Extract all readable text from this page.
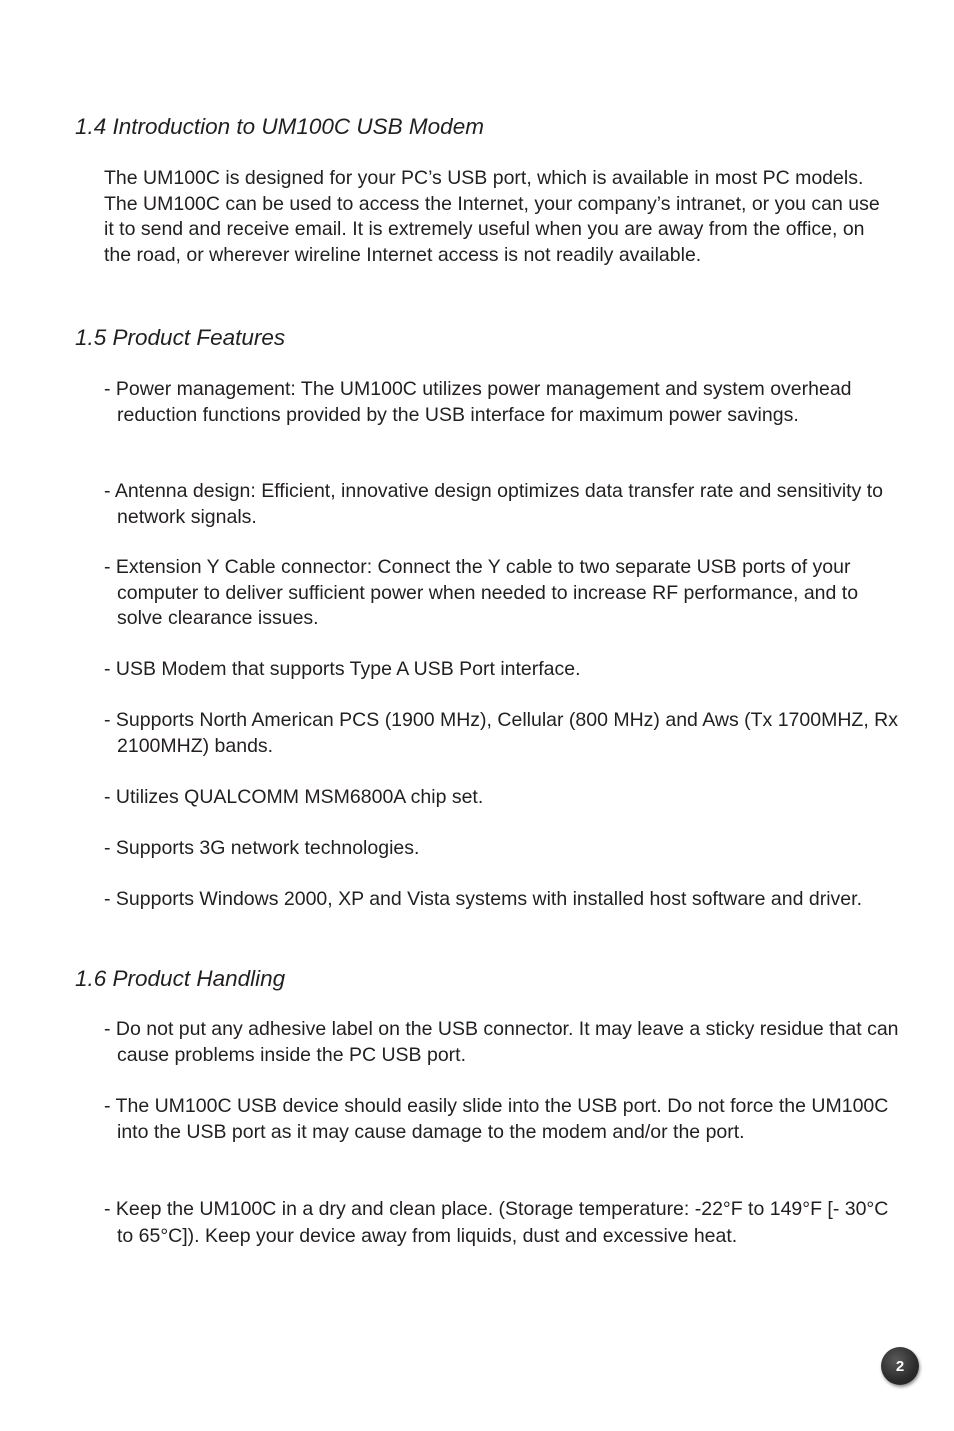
1.4 Introduction to UM100C USB Modem

The UM100C is designed for your PC’s USB port, which is available in most PC models. The UM100C can be used to access the Internet, your company’s intranet, or you can use it to send and receive email. It is extremely useful when you are away from the office, on the road, or wherever wireline Internet access is not readily available.

1.5 Product Features

- Power management: The UM100C utilizes power management and system overhead reduction functions provided by the USB interface for maximum power savings.

- Antenna design: Efficient, innovative design optimizes data transfer rate and sensitivity to network signals.

- Extension Y Cable connector: Connect the Y cable to two separate USB ports of your computer to deliver sufficient power when needed to increase RF performance, and to solve clearance issues.

- USB Modem that supports Type A USB Port interface.

- Supports North American PCS (1900 MHz), Cellular (800 MHz) and Aws (Tx 1700MHZ, Rx 2100MHZ) bands.

- Utilizes QUALCOMM MSM6800A chip set.

- Supports 3G network technologies.

- Supports Windows 2000, XP and Vista systems with installed host software and driver.

1.6 Product Handling

- Do not put any adhesive label on the USB connector. It may leave a sticky residue that can cause problems inside the PC USB port.

- The UM100C USB device should easily slide into the USB port. Do not force the UM100C into the USB port as it may cause damage to the modem and/or the port.

- Keep the UM100C in a dry and clean place. (Storage temperature: -22°F to 149°F [- 30°C to 65°C]). Keep your device away from liquids, dust and excessive heat.

2
